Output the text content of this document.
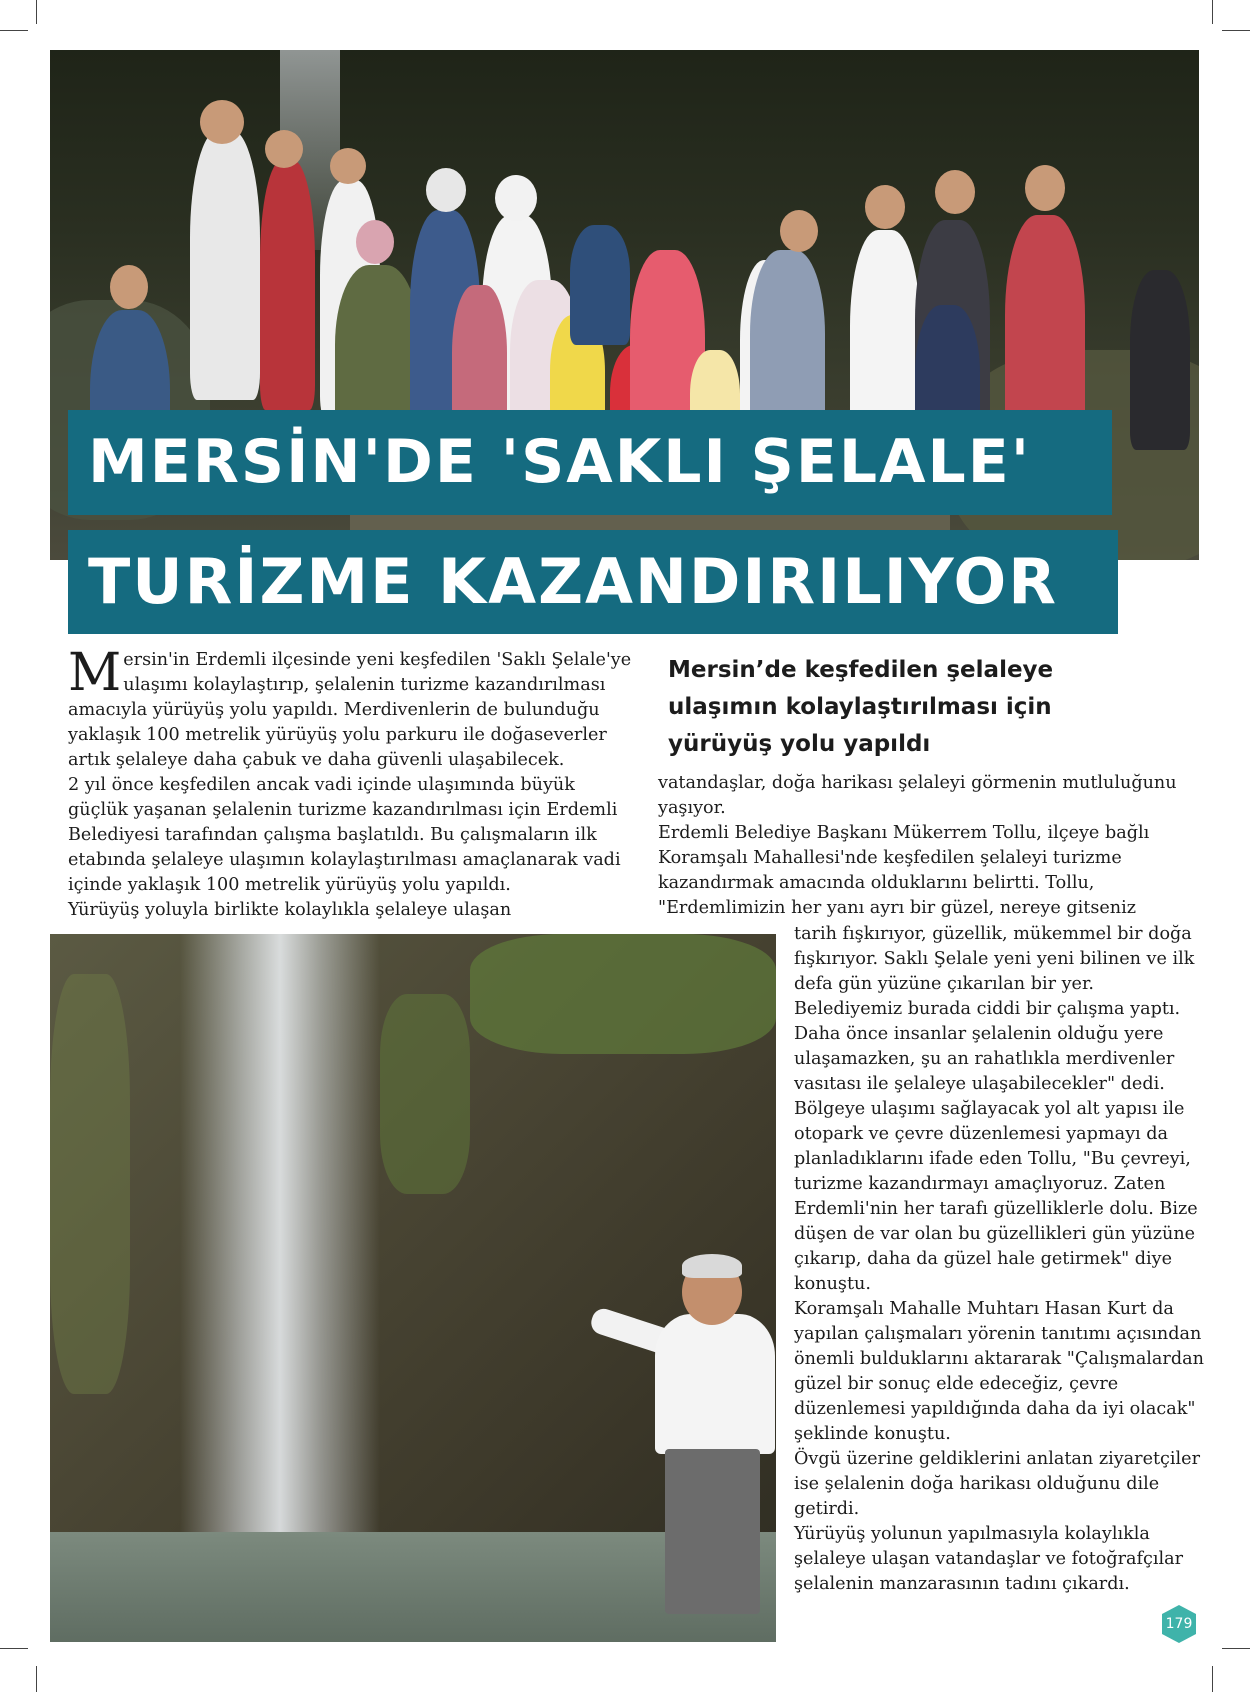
MERSİN'DE 'SAKLI ŞELALE'
TURİZME KAZANDIRILIYOR
M ersin'in Erdemli ilçesinde yeni keşfedilen 'Saklı Şelale'ye ulaşımı kolaylaştırıp, şelalenin turizme kazandırılması amacıyla yürüyüş yolu yapıldı. Merdivenlerin de bulunduğu yaklaşık 100 metrelik yürüyüş yolu parkuru ile doğaseverler artık şelaleye daha çabuk ve daha güvenli ulaşabilecek.

2 yıl önce keşfedilen ancak vadi içinde ulaşımında büyük güçlük yaşanan şelalenin turizme kazandırılması için Erdemli Belediyesi tarafından çalışma başlatıldı. Bu çalışmaların ilk etabında şelaleye ulaşımın kolaylaştırılması amaçlanarak vadi içinde yaklaşık 100 metrelik yürüyüş yolu yapıldı.

Yürüyüş yoluyla birlikte kolaylıkla şelaleye ulaşan

Mersin’de keşfedilen şelaleye
ulaşımın kolaylaştırılması için
yürüyüş yolu yapıldı

vatandaşlar, doğa harikası şelaleyi görmenin mutluluğunu yaşıyor.

Erdemli Belediye Başkanı Mükerrem Tollu, ilçeye bağlı Koramşalı Mahallesi'nde keşfedilen şelaleyi turizme kazandırmak amacında olduklarını belirtti. Tollu, "Erdemlimizin her yanı ayrı bir güzel, nereye gitseniz

tarih fışkırıyor, güzellik, mükemmel bir doğa fışkırıyor. Saklı Şelale yeni yeni bilinen ve ilk defa gün yüzüne çıkarılan bir yer. Belediyemiz burada ciddi bir çalışma yaptı. Daha önce insanlar şelalenin olduğu yere ulaşamazken, şu an rahatlıkla merdivenler vasıtası ile şelaleye ulaşabilecekler" dedi.

Bölgeye ulaşımı sağlayacak yol alt yapısı ile otopark ve çevre düzenlemesi yapmayı da planladıklarını ifade eden Tollu, "Bu çevreyi, turizme kazandırmayı amaçlıyoruz. Zaten Erdemli'nin her tarafı güzelliklerle dolu. Bize düşen de var olan bu güzellikleri gün yüzüne çıkarıp, daha da güzel hale getirmek" diye konuştu.

Koramşalı Mahalle Muhtarı Hasan Kurt da yapılan çalışmaları yörenin tanıtımı açısından önemli bulduklarını aktararak "Çalışmalardan güzel bir sonuç elde edeceğiz, çevre düzenlemesi yapıldığında daha da iyi olacak" şeklinde konuştu.

Övgü üzerine geldiklerini anlatan ziyaretçiler ise şelalenin doğa harikası olduğunu dile getirdi.

Yürüyüş yolunun yapılmasıyla kolaylıkla şelaleye ulaşan vatandaşlar ve fotoğrafçılar şelalenin manzarasının tadını çıkardı.

179
